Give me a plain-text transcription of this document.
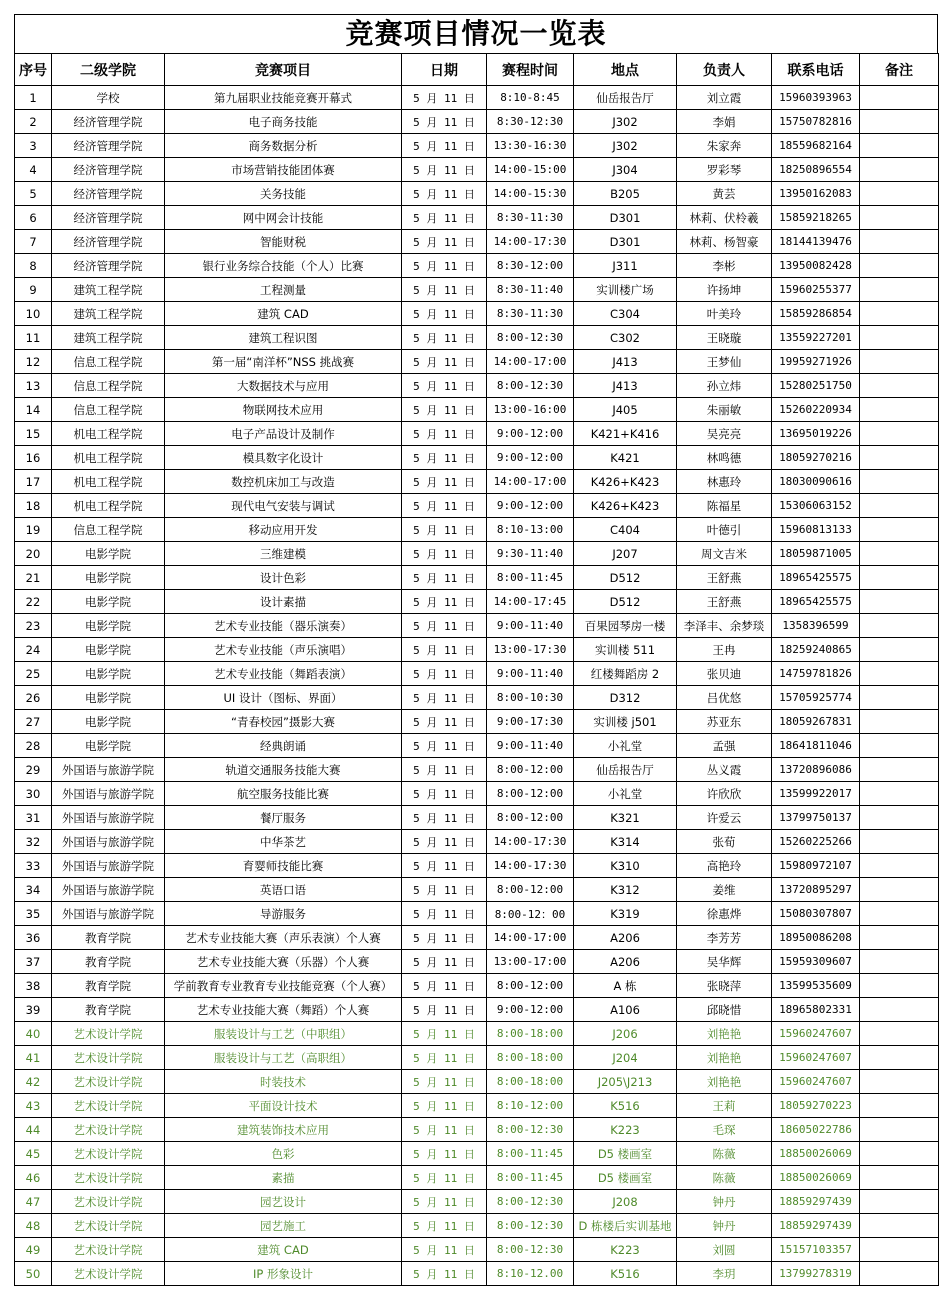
竞赛项目情况一览表
序号	二级学院	竞赛项目	日期	赛程时间	地点	负责人	联系电话	备注
1	学校	第九届职业技能竞赛开幕式	5 月 11 日	8:10-8:45	仙岳报告厅	刘立霞	15960393963	
2	经济管理学院	电子商务技能	5 月 11 日	8:30-12:30	J302	李娟	15750782816	
3	经济管理学院	商务数据分析	5 月 11 日	13:30-16:30	J302	朱家奔	18559682164	
4	经济管理学院	市场营销技能团体赛	5 月 11 日	14:00-15:00	J304	罗彩琴	18250896554	
5	经济管理学院	关务技能	5 月 11 日	14:00-15:30	B205	黄芸	13950162083	
6	经济管理学院	网中网会计技能	5 月 11 日	8:30-11:30	D301	林莉、伏柃羲	15859218265	
7	经济管理学院	智能财税	5 月 11 日	14:00-17:30	D301	林莉、杨智豪	18144139476	
8	经济管理学院	银行业务综合技能（个人）比赛	5 月 11 日	8:30-12:00	J311	李彬	13950082428	
9	建筑工程学院	工程测量	5 月 11 日	8:30-11:40	实训楼广场	许扬坤	15960255377	
10	建筑工程学院	建筑 CAD	5 月 11 日	8:30-11:30	C304	叶美玲	15859286854	
11	建筑工程学院	建筑工程识图	5 月 11 日	8:00-12:30	C302	王晓璇	13559227201	
12	信息工程学院	第一届“南洋杯”NSS 挑战赛	5 月 11 日	14:00-17:00	J413	王梦仙	19959271926	
13	信息工程学院	大数据技术与应用	5 月 11 日	8:00-12:30	J413	孙立炜	15280251750	
14	信息工程学院	物联网技术应用	5 月 11 日	13:00-16:00	J405	朱丽敏	15260220934	
15	机电工程学院	电子产品设计及制作	5 月 11 日	9:00-12:00	K421+K416	吴亮亮	13695019226	
16	机电工程学院	模具数字化设计	5 月 11 日	9:00-12:00	K421	林鸣德	18059270216	
17	机电工程学院	数控机床加工与改造	5 月 11 日	14:00-17:00	K426+K423	林惠玲	18030090616	
18	机电工程学院	现代电气安装与调试	5 月 11 日	9:00-12:00	K426+K423	陈福星	15306063152	
19	信息工程学院	移动应用开发	5 月 11 日	8:10-13:00	C404	叶德引	15960813133	
20	电影学院	三维建模	5 月 11 日	9:30-11:40	J207	周文吉米	18059871005	
21	电影学院	设计色彩	5 月 11 日	8:00-11:45	D512	王舒燕	18965425575	
22	电影学院	设计素描	5 月 11 日	14:00-17:45	D512	王舒燕	18965425575	
23	电影学院	艺术专业技能（器乐演奏）	5 月 11 日	9:00-11:40	百果园琴房一楼	李泽丰、余梦琰	1358396599	
24	电影学院	艺术专业技能（声乐演唱）	5 月 11 日	13:00-17:30	实训楼 511	王冉	18259240865	
25	电影学院	艺术专业技能（舞蹈表演）	5 月 11 日	9:00-11:40	红楼舞蹈房 2	张贝迪	14759781826	
26	电影学院	UI 设计（图标、界面）	5 月 11 日	8:00-10:30	D312	吕优悠	15705925774	
27	电影学院	“青春校园”摄影大赛	5 月 11 日	9:00-17:30	实训楼 j501	苏亚东	18059267831	
28	电影学院	经典朗诵	5 月 11 日	9:00-11:40	小礼堂	孟强	18641811046	
29	外国语与旅游学院	轨道交通服务技能大赛	5 月 11 日	8:00-12:00	仙岳报告厅	丛义霞	13720896086	
30	外国语与旅游学院	航空服务技能比赛	5 月 11 日	8:00-12:00	小礼堂	许欣欣	13599922017	
31	外国语与旅游学院	餐厅服务	5 月 11 日	8:00-12:00	K321	许爱云	13799750137	
32	外国语与旅游学院	中华茶艺	5 月 11 日	14:00-17:30	K314	张荀	15260225266	
33	外国语与旅游学院	育婴师技能比赛	5 月 11 日	14:00-17:30	K310	高艳玲	15980972107	
34	外国语与旅游学院	英语口语	5 月 11 日	8:00-12:00	K312	姜维	13720895297	
35	外国语与旅游学院	导游服务	5 月 11 日	8:00-12：00	K319	徐惠烨	15080307807	
36	教育学院	艺术专业技能大赛（声乐表演）个人赛	5 月 11 日	14:00-17:00	A206	李芳芳	18950086208	
37	教育学院	艺术专业技能大赛（乐器）个人赛	5 月 11 日	13:00-17:00	A206	吴华辉	15959309607	
38	教育学院	学前教育专业教育专业技能竞赛（个人赛）	5 月 11 日	8:00-12:00	A 栋	张晓萍	13599535609	
39	教育学院	艺术专业技能大赛（舞蹈）个人赛	5 月 11 日	9:00-12:00	A106	邱晓惜	18965802331	
40	艺术设计学院	服装设计与工艺（中职组）	5 月 11 日	8:00-18:00	J206	刘艳艳	15960247607	
41	艺术设计学院	服装设计与工艺（高职组）	5 月 11 日	8:00-18:00	J204	刘艳艳	15960247607	
42	艺术设计学院	时装技术	5 月 11 日	8:00-18:00	J205\J213	刘艳艳	15960247607	
43	艺术设计学院	平面设计技术	5 月 11 日	8:10-12:00	K516	王莉	18059270223	
44	艺术设计学院	建筑装饰技术应用	5 月 11 日	8:00-12:30	K223	毛琛	18605022786	
45	艺术设计学院	色彩	5 月 11 日	8:00-11:45	D5 楼画室	陈薇	18850026069	
46	艺术设计学院	素描	5 月 11 日	8:00-11:45	D5 楼画室	陈薇	18850026069	
47	艺术设计学院	园艺设计	5 月 11 日	8:00-12:30	J208	钟丹	18859297439	
48	艺术设计学院	园艺施工	5 月 11 日	8:00-12:30	D 栋楼后实训基地	钟丹	18859297439	
49	艺术设计学院	建筑 CAD	5 月 11 日	8:00-12:30	K223	刘圆	15157103357	
50	艺术设计学院	IP 形象设计	5 月 11 日	8:10-12.00	K516	李玥	13799278319	
